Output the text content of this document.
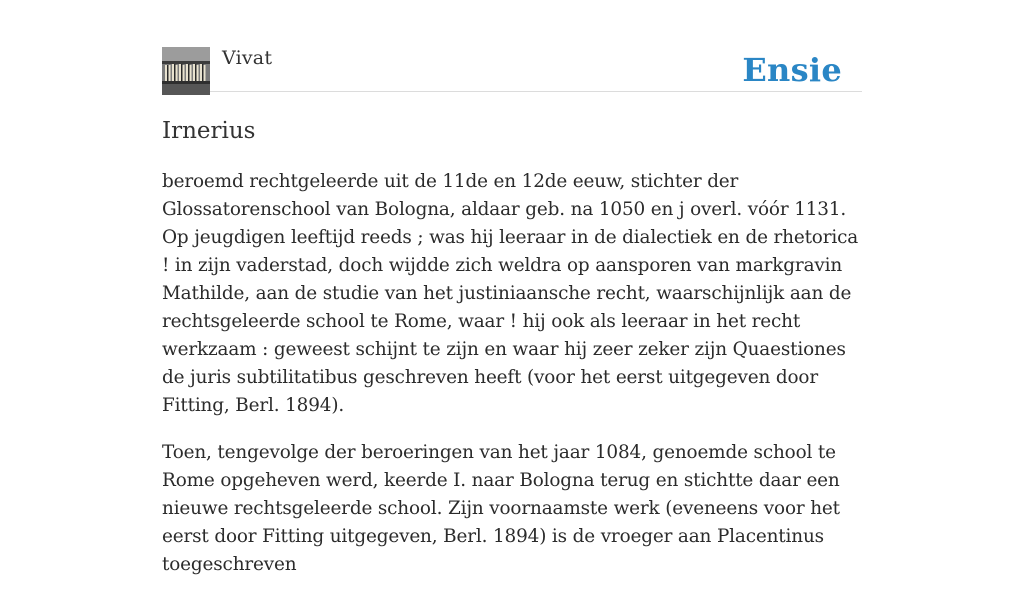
Vivat	Ensie
Irnerius

beroemd rechtgeleerde uit de 11de en 12de eeuw, stichter der Glossatorenschool van Bologna, aldaar geb. na 1050 en j overl. vóór 1131. Op jeugdigen leeftijd reeds ; was hij leeraar in de dialectiek en de rhetorica ! in zijn vaderstad, doch wijdde zich weldra op aansporen van markgravin Mathilde, aan de studie van het justiniaansche recht, waarschijnlijk aan de rechtsgeleerde school te Rome, waar ! hij ook als leeraar in het recht werkzaam : geweest schijnt te zijn en waar hij zeer zeker zijn Quaestiones de juris subtilitatibus geschreven heeft (voor het eerst uitgegeven door Fitting, Berl. 1894).

Toen, tengevolge der beroeringen van het jaar 1084, genoemde school te Rome opgeheven werd, keerde I. naar Bologna terug en stichtte daar een nieuwe rechtsgeleerde school. Zijn voornaamste werk (eveneens voor het eerst door Fitting uitgegeven, Berl. 1894) is de vroeger aan Placentinus toegeschreven
